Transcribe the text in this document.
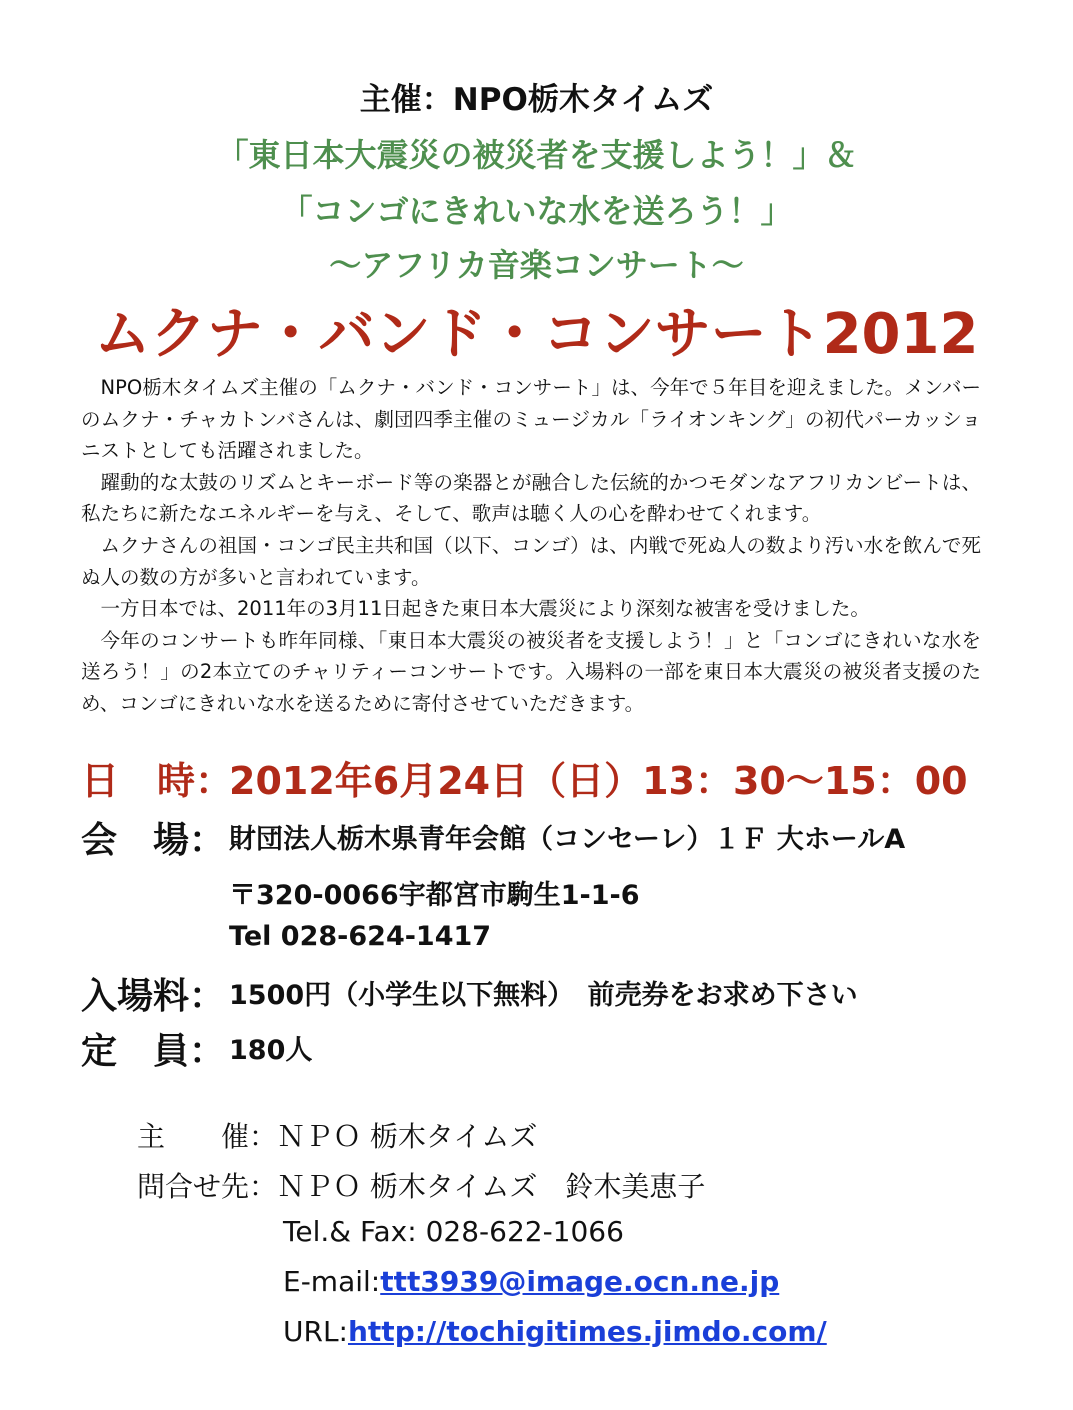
主催：NPO栃木タイムズ
「東日本大震災の被災者を支援しよう！」＆
「コンゴにきれいな水を送ろう！」
〜アフリカ音楽コンサート〜
ムクナ・バンド・コンサート2012

NPO栃木タイムズ主催の「ムクナ・バンド・コンサート」は、今年で５年目を迎えました。メンバーのムクナ・チャカトンバさんは、劇団四季主催のミュージカル「ライオンキング」の初代パーカッショニストとしても活躍されました。

躍動的な太鼓のリズムとキーボード等の楽器とが融合した伝統的かつモダンなアフリカンビートは、私たちに新たなエネルギーを与え、そして、歌声は聴く人の心を酔わせてくれます。

ムクナさんの祖国・コンゴ民主共和国（以下、コンゴ）は、内戦で死ぬ人の数より汚い水を飲んで死ぬ人の数の方が多いと言われています。

一方日本では、2011年の3月11日起きた東日本大震災により深刻な被害を受けました。

今年のコンサートも昨年同様、「東日本大震災の被災者を支援しよう！」と「コンゴにきれいな水を送ろう！」の2本立てのチャリティーコンサートです。入場料の一部を東日本大震災の被災者支援のため、コンゴにきれいな水を送るために寄付させていただきます。

日　時：2012年6月24日（日）13：30〜15：00
会　場： 財団法人栃木県青年会館（コンセーレ）１Ｆ 大ホールA
〒320-0066宇都宮市駒生1-1-6
Tel 028-624-1417
入場料： 1500円（小学生以下無料）　前売券をお求め下さい
定　員： 180人
主　　催：ＮＰＯ 栃木タイムズ
問合せ先：ＮＰＯ 栃木タイムズ　鈴木美恵子
Tel.& Fax: 028-622-1066
E-mail:ttt3939@image.ocn.ne.jp
URL:http://tochigitimes.jimdo.com/
